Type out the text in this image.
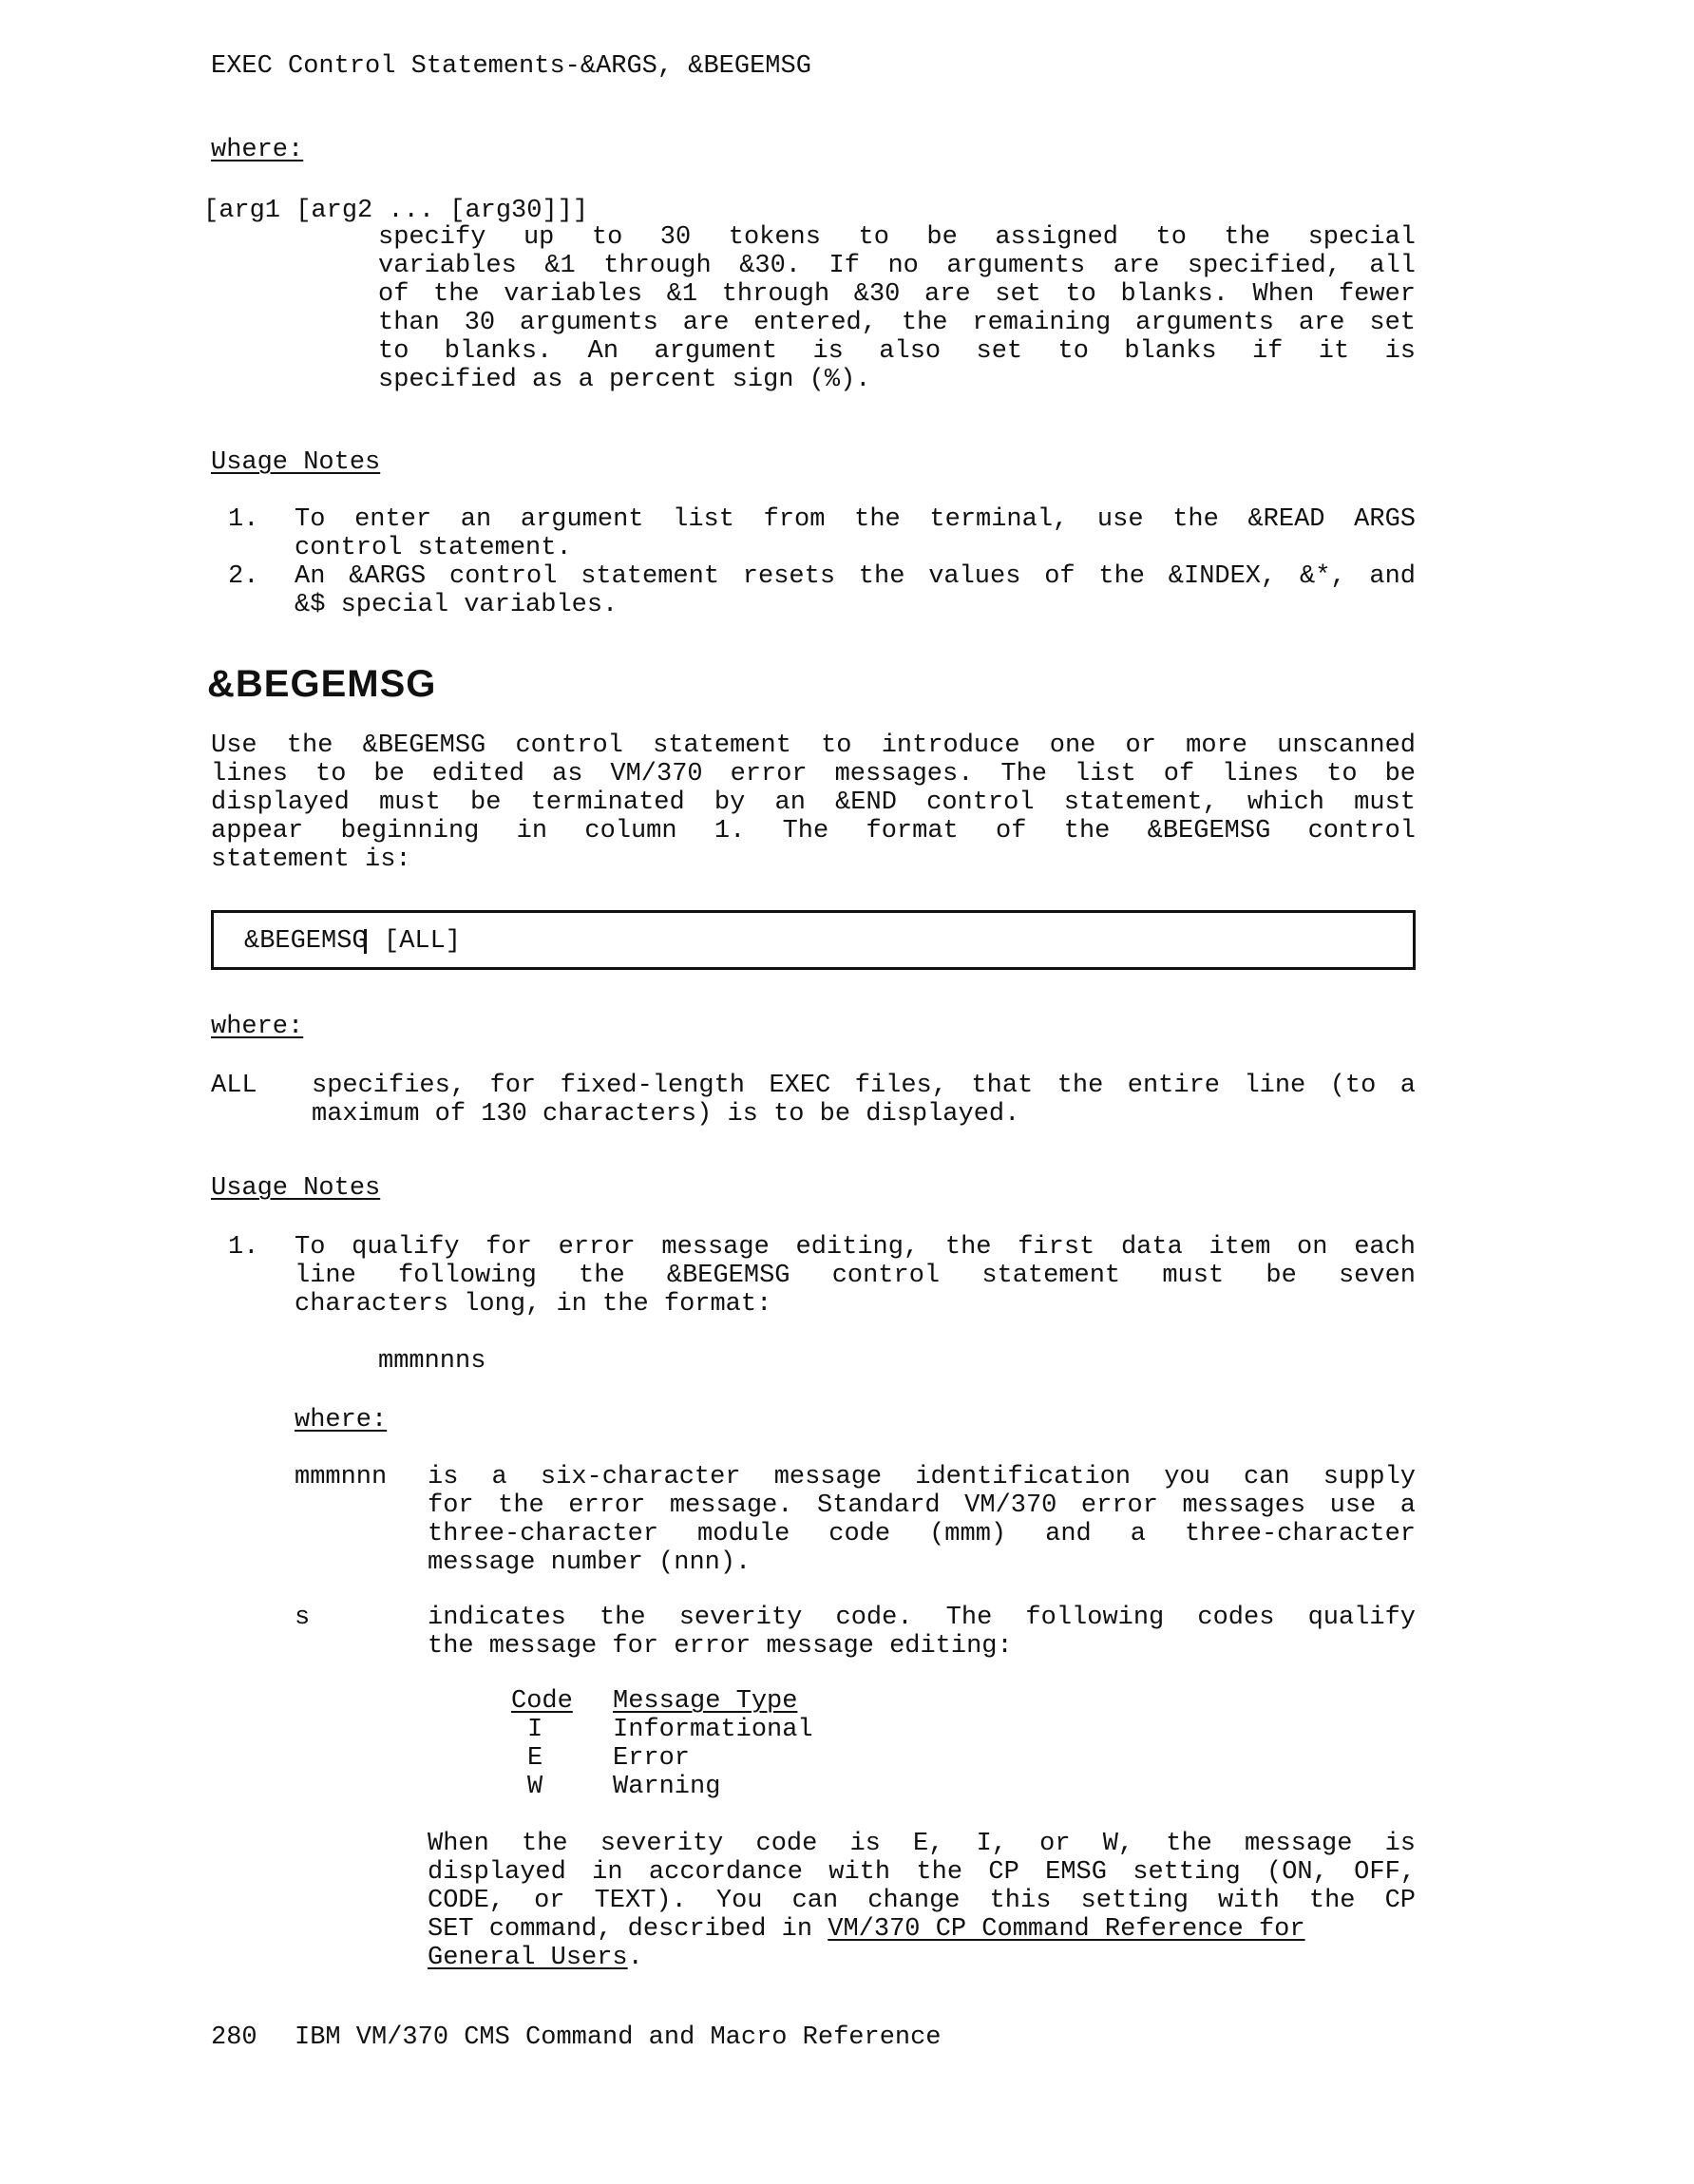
EXEC Control Statements-&ARGS, &BEGEMSG
where:
[arg1 [arg2 ... [arg30]]]
specify up to 30 tokens to be assigned to the special
variables &1 through &30. If no arguments are specified, all
of the variables &1 through &30 are set to blanks. When fewer
than 30 arguments are entered, the remaining arguments are set
to blanks. An argument is also set to blanks if it is
specified as a percent sign (%).
Usage Notes
1. To enter an argument list from the terminal, use the &READ ARGS
control statement.
2. An &ARGS control statement resets the values of the &INDEX, &*, and
&$ special variables.
&BEGEMSG
Use the &BEGEMSG control statement to introduce one or more unscanned
lines to be edited as VM/370 error messages. The list of lines to be
displayed must be terminated by an &END control statement, which must
appear beginning in column 1. The format of the &BEGEMSG control
statement is:
&BEGEMSG [ALL]
where:
ALL specifies, for fixed-length EXEC files, that the entire line (to a
maximum of 130 characters) is to be displayed.
Usage Notes
1. To qualify for error message editing, the first data item on each
line following the &BEGEMSG control statement must be seven
characters long, in the format:
mmmnnns
where:
mmmnnn is a six-character message identification you can supply
for the error message. Standard VM/370 error messages use a
three-character module code (mmm) and a three-character
message number (nnn).
s	indicates the severity code. The following codes qualify
the message for error message editing:
Code Message Type
I	Informational
E	Error
W	Warning
When the severity code is E, I, or W, the message is
displayed in accordance with the CP EMSG setting (ON, OFF,
CODE, or TEXT). You can change this setting with the CP
SET command, described in VM/370 CP Command Reference for
General Users.
280 IBM VM/370 CMS Command and Macro Reference
